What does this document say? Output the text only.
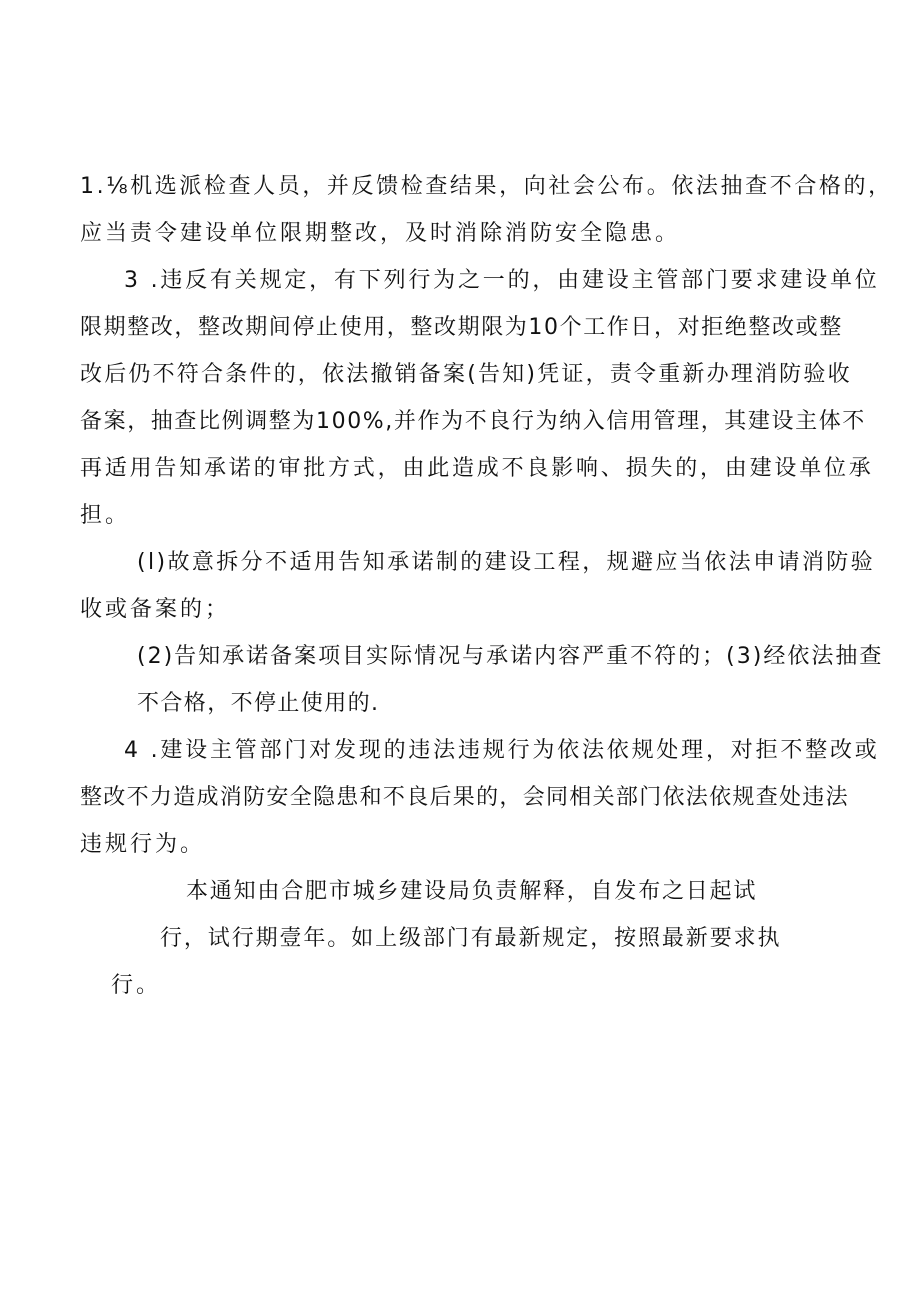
1.⅛机选派检查人员，并反馈检查结果，向社会公布。依法抽查不合格的，

应当责令建设单位限期整改，及时消除消防安全隐患。

3 .违反有关规定，有下列行为之一的，由建设主管部门要求建设单位

限期整改，整改期间停止使用，整改期限为10个工作日，对拒绝整改或整

改后仍不符合条件的，依法撤销备案(告知)凭证，责令重新办理消防验收

备案，抽查比例调整为100%,并作为不良行为纳入信用管理，其建设主体不

再适用告知承诺的审批方式，由此造成不良影响、损失的，由建设单位承

担。

(l)故意拆分不适用告知承诺制的建设工程，规避应当依法申请消防验

收或备案的；

(2)告知承诺备案项目实际情况与承诺内容严重不符的；(3)经依法抽查

不合格，不停止使用的.

4 .建设主管部门对发现的违法违规行为依法依规处理，对拒不整改或

整改不力造成消防安全隐患和不良后果的，会同相关部门依法依规查处违法

违规行为。

本通知由合肥市城乡建设局负责解释，自发布之日起试

行，试行期壹年。如上级部门有最新规定，按照最新要求执

行。
